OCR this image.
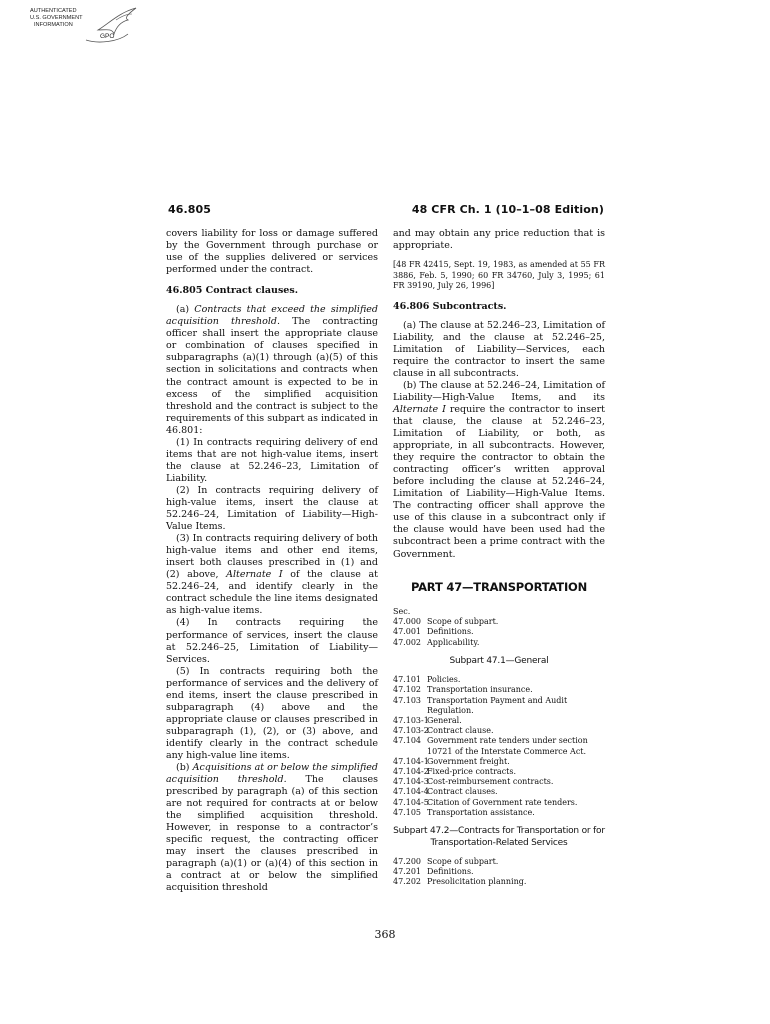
AUTHENTICATED
U.S. GOVERNMENT
INFORMATION
GPO
46.805	48 CFR Ch. 1 (10–1–08 Edition)

covers liability for loss or damage suffered by the Government through purchase or use of the supplies delivered or services performed under the contract.

46.805 Contract clauses.

(a) Contracts that exceed the simplified acquisition threshold. The contracting officer shall insert the appropriate clause or combination of clauses specified in subparagraphs (a)(1) through (a)(5) of this section in solicitations and contracts when the contract amount is expected to be in excess of the simplified acquisition threshold and the contract is subject to the requirements of this subpart as indicated in 46.801:

(1) In contracts requiring delivery of end items that are not high-value items, insert the clause at 52.246–23, Limitation of Liability.

(2) In contracts requiring delivery of high-value items, insert the clause at 52.246–24, Limitation of Liability—High-Value Items.

(3) In contracts requiring delivery of both high-value items and other end items, insert both clauses prescribed in (1) and (2) above, Alternate I of the clause at 52.246–24, and identify clearly in the contract schedule the line items designated as high-value items.

(4) In contracts requiring the performance of services, insert the clause at 52.246–25, Limitation of Liability—Services.

(5) In contracts requiring both the performance of services and the delivery of end items, insert the clause prescribed in subparagraph (4) above and the appropriate clause or clauses prescribed in subparagraph (1), (2), or (3) above, and identify clearly in the contract schedule any high-value line items.

(b) Acquisitions at or below the simplified acquisition threshold. The clauses prescribed by paragraph (a) of this section are not required for contracts at or below the simplified acquisition threshold. However, in response to a contractor’s specific request, the contracting officer may insert the clauses prescribed in paragraph (a)(1) or (a)(4) of this section in a contract at or below the simplified acquisition threshold

and may obtain any price reduction that is appropriate.

[48 FR 42415, Sept. 19, 1983, as amended at 55 FR 3886, Feb. 5, 1990; 60 FR 34760, July 3, 1995; 61 FR 39190, July 26, 1996]

46.806 Subcontracts.

(a) The clause at 52.246–23, Limitation of Liability, and the clause at 52.246–25, Limitation of Liability—Services, each require the contractor to insert the same clause in all subcontracts.

(b) The clause at 52.246–24, Limitation of Liability—High-Value Items, and its Alternate I require the contractor to insert that clause, the clause at 52.246–23, Limitation of Liability, or both, as appropriate, in all subcontracts. However, they require the contractor to obtain the contracting officer’s written approval before including the clause at 52.246–24, Limitation of Liability—High-Value Items. The contracting officer shall approve the use of this clause in a subcontract only if the clause would have been used had the subcontract been a prime contract with the Government.

PART 47—TRANSPORTATION
Sec.
47.000 Scope of subpart.
47.001 Definitions.
47.002 Applicability.
Subpart 47.1—General
47.101 Policies.
47.102 Transportation insurance.
47.103 Transportation Payment and Audit Regulation.
47.103-1
General.
47.103-2
Contract clause.
47.104 Government rate tenders under section 10721 of the Interstate Commerce Act.
47.104-1
Government freight.
47.104-2
Fixed-price contracts.
47.104-3
Cost-reimbursement contracts.
47.104-4
Contract clauses.
47.104-5
Citation of Government rate tenders.
47.105 Transportation assistance.
Subpart 47.2—Contracts for Transportation or for Transportation-Related Services
47.200 Scope of subpart.
47.201 Definitions.
47.202 Presolicitation planning.
368
